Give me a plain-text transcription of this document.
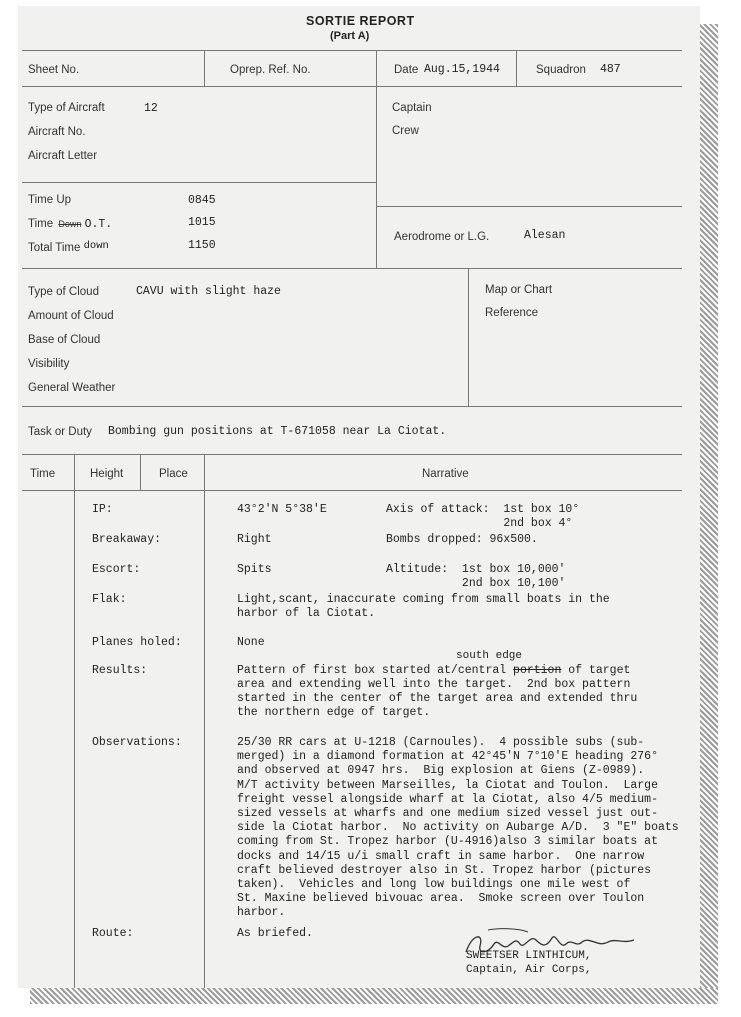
SORTIE REPORT
(Part A)
Sheet No.	Oprep. Ref. No.	Date Aug.15,1944	Squadron 487
Type of Aircraft	12
Aircraft No.
Aircraft Letter
Captain
Crew
Time Up	0845
Time Down O.T.	1015
Total Time down	1150
Aerodrome or L.G.	Alesan
Type of Cloud	CAVU with slight haze
Amount of Cloud
Base of Cloud
Visibility
General Weather
Map or Chart
Reference
Task or Duty Bombing gun positions at T-671058 near La Ciotat.
Time	Height	Place	Narrative
IP:	43°2'N 5°38'E	Axis of attack:  1st box 10°
2nd box 4°
Breakaway:	Right	Bombs dropped: 96x500.
Escort:	Spits	Altitude:  1st box 10,000'
2nd box 10,100'
Flak:	Light,scant, inaccurate coming from small boats in the
harbor of la Ciotat.
Planes holed:	None
south edge
Results:	Pattern of first box started at/central portion of target
area and extending well into the target.  2nd box pattern
started in the center of the target area and extended thru
the northern edge of target.
Observations:	25/30 RR cars at U-1218 (Carnoules).  4 possible subs (sub-
merged) in a diamond formation at 42°45'N 7°10'E heading 276°
and observed at 0947 hrs.  Big explosion at Giens (Z-0989).
M/T activity between Marseilles, la Ciotat and Toulon.  Large
freight vessel alongside wharf at la Ciotat, also 4/5 medium-
sized vessels at wharfs and one medium sized vessel just out-
side la Ciotat harbor.  No activity on Aubarge A/D.  3 "E" boats
coming from St. Tropez harbor (U-4916)also 3 similar boats at
docks and 14/15 u/i small craft in same harbor.  One narrow
craft believed destroyer also in St. Tropez harbor (pictures
taken).  Vehicles and long low buildings one mile west of
St. Maxine believed bivouac area.  Smoke screen over Toulon
harbor.
Route:	As briefed.
SWEETSER LINTHICUM,
Captain, Air Corps,
